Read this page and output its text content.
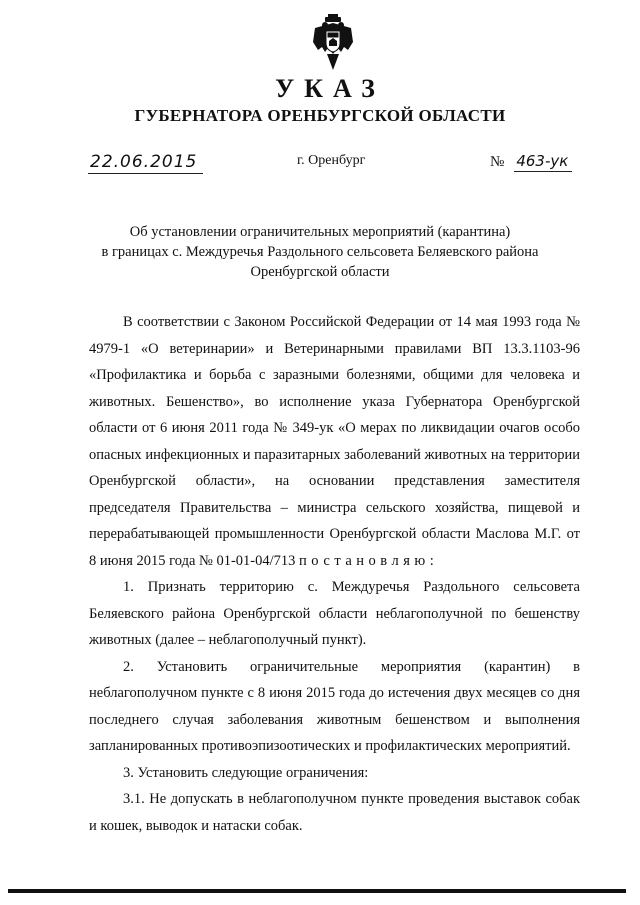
УКАЗ
ГУБЕРНАТОРА ОРЕНБУРГСКОЙ ОБЛАСТИ
22.06.2015	г. Оренбург	№ 463-ук
Об установлении ограничительных мероприятий (карантина)
в границах с. Междуречья Раздольного сельсовета Беляевского района
Оренбургской области

В соответствии с Законом Российской Федерации от 14 мая 1993 года № 4979-1 «О ветеринарии» и Ветеринарными правилами ВП 13.3.1103-96 «Профилактика и борьба с заразными болезнями, общими для человека и животных. Бешенство», во исполнение указа Губернатора Оренбургской области от 6 июня 2011 года № 349-ук «О мерах по ликвидации очагов особо опасных инфекционных и паразитарных заболеваний животных на территории Оренбургской области», на основании представления заместителя председателя Правительства – министра сельского хозяйства, пищевой и перерабатывающей промышленности Оренбургской области Маслова М.Г. от 8 июня 2015 года № 01-01-04/713 постановляю:

1. Признать территорию с. Междуречья Раздольного сельсовета Беляевского района Оренбургской области неблагополучной по бешенству животных (далее – неблагополучный пункт).

2. Установить ограничительные мероприятия (карантин) в неблагополучном пункте с 8 июня 2015 года до истечения двух месяцев со дня последнего случая заболевания животным бешенством и выполнения запланированных противоэпизоотических и профилактических мероприятий.

3. Установить следующие ограничения:

3.1. Не допускать в неблагополучном пункте проведения выставок собак и кошек, выводок и натаски собак.
